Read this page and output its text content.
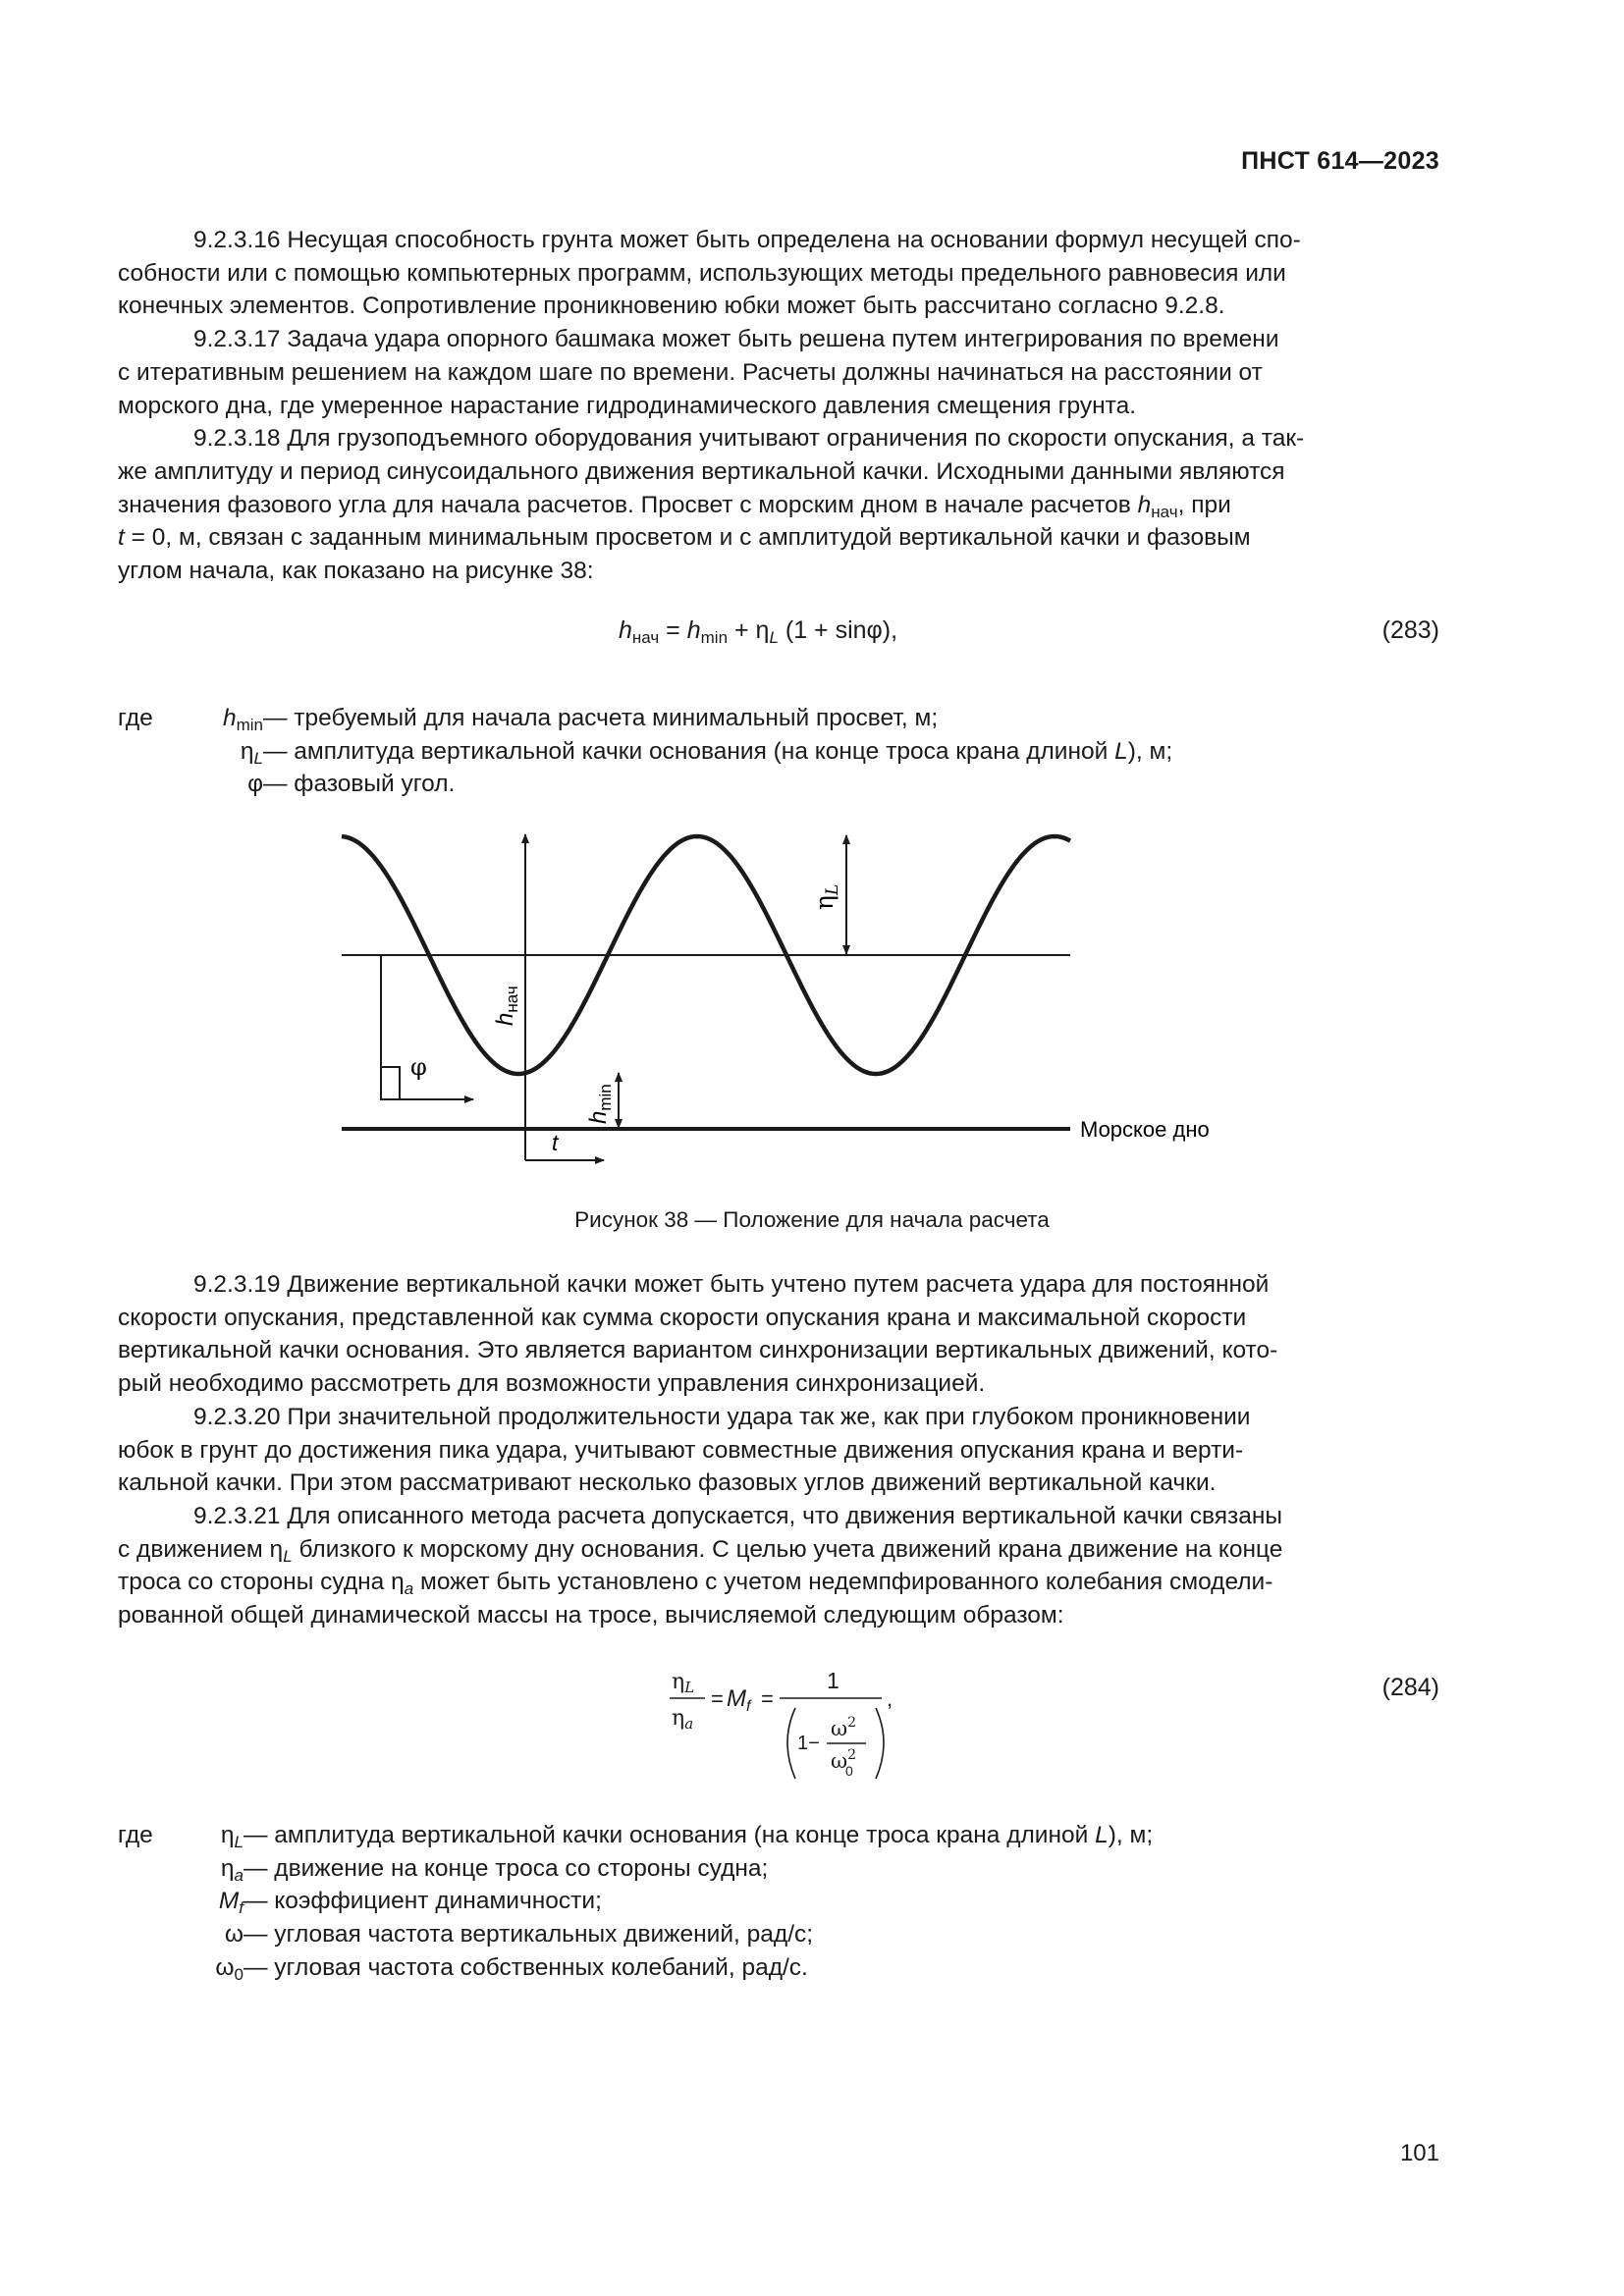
ПНСТ 614—2023

9.2.3.16 Несущая способность грунта может быть определена на основании формул несущей спо-
собности или с помощью компьютерных программ, использующих методы предельного равновесия или
конечных элементов. Сопротивление проникновению юбки может быть рассчитано согласно 9.2.8.

9.2.3.17 Задача удара опорного башмака может быть решена путем интегрирования по времени
с итеративным решением на каждом шаге по времени. Расчеты должны начинаться на расстоянии от
морского дна, где умеренное нарастание гидродинамического давления смещения грунта.

9.2.3.18 Для грузоподъемного оборудования учитывают ограничения по скорости опускания, а так-
же амплитуду и период синусоидального движения вертикальной качки. Исходными данными являются
значения фазового угла для начала расчетов. Просвет с морским дном в начале расчетов $h_{нач}$, при
t = 0, м, связан с заданным минимальным просветом и с амплитудой вертикальной качки и фазовым
углом начала, как показано на рисунке 38:

$h_{нач} = h_{min} + \eta_L$ (1 + sinφ),	(283)
где	$h_{min}$ — требуемый для начала расчета минимальный просвет, м;
$\eta_L$ — амплитуда вертикальной качки основания (на конце троса крана длиной L), м;
φ — фазовый угол.
φ
t
$h_{нач}$
$h_{min}$
$\eta_L$
Морское дно
Рисунок 38 — Положение для начала расчета

9.2.3.19 Движение вертикальной качки может быть учтено путем расчета удара для постоянной
скорости опускания, представленной как сумма скорости опускания крана и максимальной скорости
вертикальной качки основания. Это является вариантом синхронизации вертикальных движений, кото-
рый необходимо рассмотреть для возможности управления синхронизацией.

9.2.3.20 При значительной продолжительности удара так же, как при глубоком проникновении
юбок в грунт до достижения пика удара, учитывают совместные движения опускания крана и верти-
кальной качки. При этом рассматривают несколько фазовых углов движений вертикальной качки.

9.2.3.21 Для описанного метода расчета допускается, что движения вертикальной качки связаны
с движением $\eta_L$ близкого к морскому дну основания. С целью учета движений крана движение на конце
троса со стороны судна $\eta_a$ может быть установлено с учетом недемпфированного колебания смодели-
рованной общей динамической массы на тросе, вычисляемой следующим образом:

ηL
ηa
= $M_f$ =
1
1−
$\omega^2$
$\omega^2$
0
,	(284)
где	$\eta_L$ — амплитуда вертикальной качки основания (на конце троса крана длиной L), м;
$\eta_a$ — движение на конце троса со стороны судна;
$M_f$ — коэффициент динамичности;
ω — угловая частота вертикальных движений, рад/с;
$\omega_0$ — угловая частота собственных колебаний, рад/с.
101
